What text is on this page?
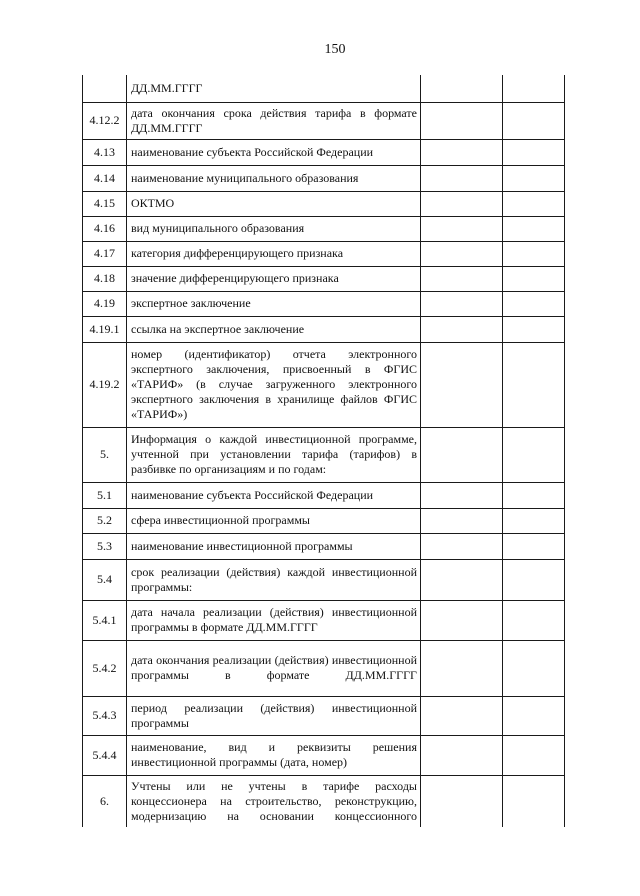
150
	ДД.ММ.ГГГГ		
4.12.2	дата окончания срока действия тарифа в формате ДД.ММ.ГГГГ		
4.13	наименование субъекта Российской Федерации		
4.14	наименование муниципального образования		
4.15	ОКТМО		
4.16	вид муниципального образования		
4.17	категория дифференцирующего признака		
4.18	значение дифференцирующего признака		
4.19	экспертное заключение		
4.19.1	ссылка на экспертное заключение		
4.19.2	номер (идентификатор) отчета электронного экспертного заключения, присвоенный в ФГИС «ТАРИФ» (в случае загруженного электронного экспертного заключения в хранилище файлов ФГИС «ТАРИФ»)		
5.	Информация о каждой инвестиционной программе, учтенной при установлении тарифа (тарифов) в разбивке по организациям и по годам:		
5.1	наименование субъекта Российской Федерации		
5.2	сфера инвестиционной программы		
5.3	наименование инвестиционной программы		
5.4	срок реализации (действия) каждой инвестиционной программы:		
5.4.1	дата начала реализации (действия) инвестиционной программы в формате ДД.ММ.ГГГГ		
5.4.2	дата окончания реализации (действия) инвестиционной программы в формате ДД.ММ.ГГГГ		
5.4.3	период реализации (действия) инвестиционной программы		
5.4.4	наименование, вид и реквизиты решения инвестиционной программы (дата, номер)		
6.	Учтены или не учтены в тарифе расходы концессионера на строительство, реконструкцию, модернизацию на основании концессионного		
